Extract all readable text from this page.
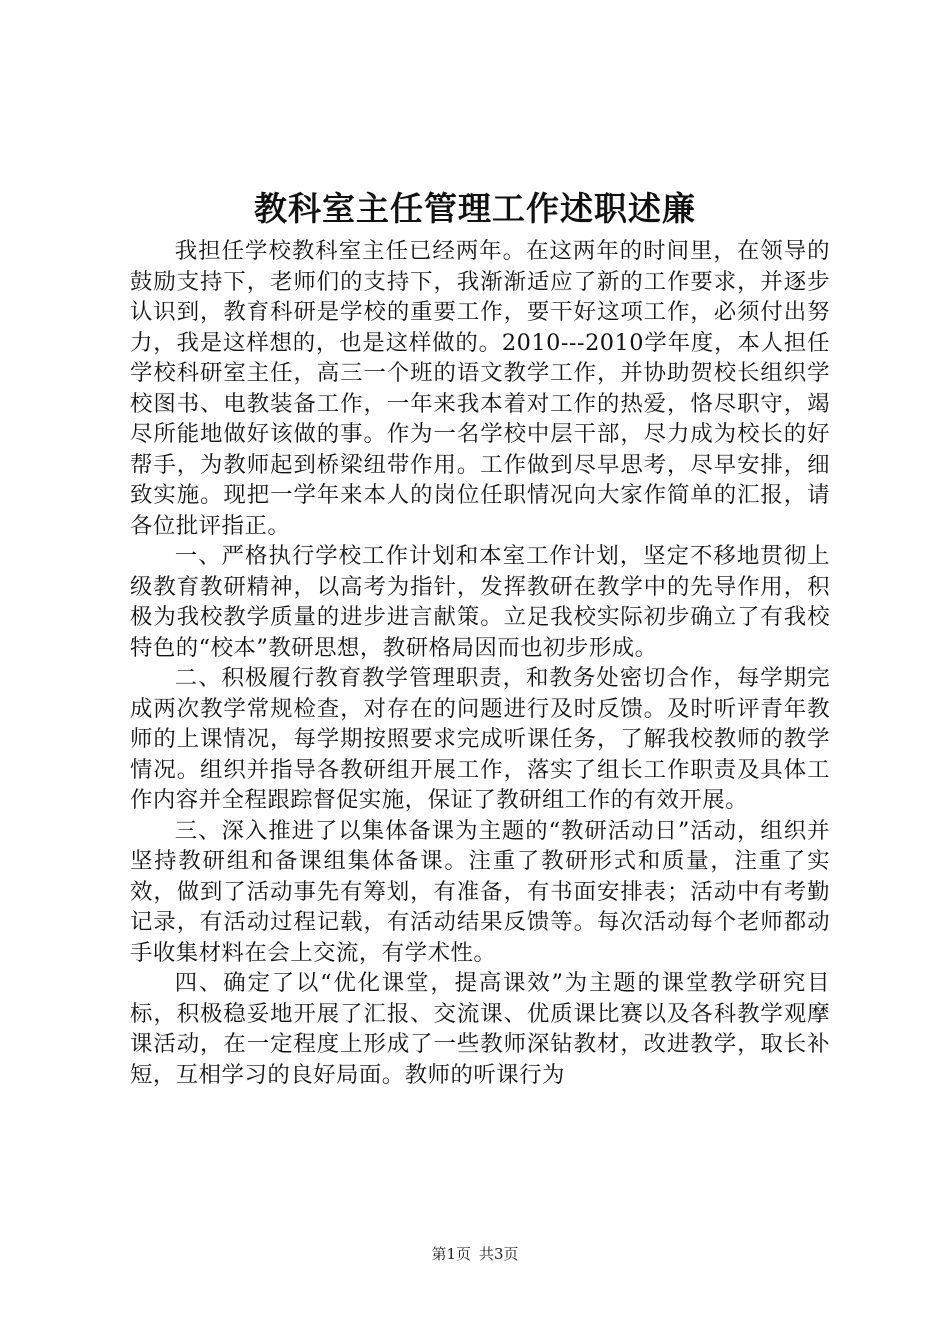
教科室主任管理工作述职述廉

我担任学校教科室主任已经两年。在这两年的时间里，在领导的鼓励支持下，老师们的支持下，我渐渐适应了新的工作要求，并逐步认识到，教育科研是学校的重要工作，要干好这项工作，必须付出努力，我是这样想的，也是这样做的。2010---2010学年度，本人担任学校科研室主任，高三一个班的语文教学工作，并协助贺校长组织学校图书、电教装备工作，一年来我本着对工作的热爱，恪尽职守，竭尽所能地做好该做的事。作为一名学校中层干部，尽力成为校长的好帮手，为教师起到桥梁纽带作用。工作做到尽早思考，尽早安排，细致实施。现把一学年来本人的岗位任职情况向大家作简单的汇报，请各位批评指正。

一、严格执行学校工作计划和本室工作计划，坚定不移地贯彻上级教育教研精神，以高考为指针，发挥教研在教学中的先导作用，积极为我校教学质量的进步进言献策。立足我校实际初步确立了有我校特色的“校本”教研思想，教研格局因而也初步形成。

二、积极履行教育教学管理职责，和教务处密切合作，每学期完成两次教学常规检查，对存在的问题进行及时反馈。及时听评青年教师的上课情况，每学期按照要求完成听课任务，了解我校教师的教学情况。组织并指导各教研组开展工作，落实了组长工作职责及具体工作内容并全程跟踪督促实施，保证了教研组工作的有效开展。

三、深入推进了以集体备课为主题的“教研活动日”活动，组织并坚持教研组和备课组集体备课。注重了教研形式和质量，注重了实效，做到了活动事先有筹划，有准备，有书面安排表；活动中有考勤记录，有活动过程记载，有活动结果反馈等。每次活动每个老师都动手收集材料在会上交流，有学术性。

四、确定了以“优化课堂，提高课效”为主题的课堂教学研究目标，积极稳妥地开展了汇报、交流课、优质课比赛以及各科教学观摩课活动，在一定程度上形成了一些教师深钻教材，改进教学，取长补短，互相学习的良好局面。教师的听课行为

第1页 共3页
